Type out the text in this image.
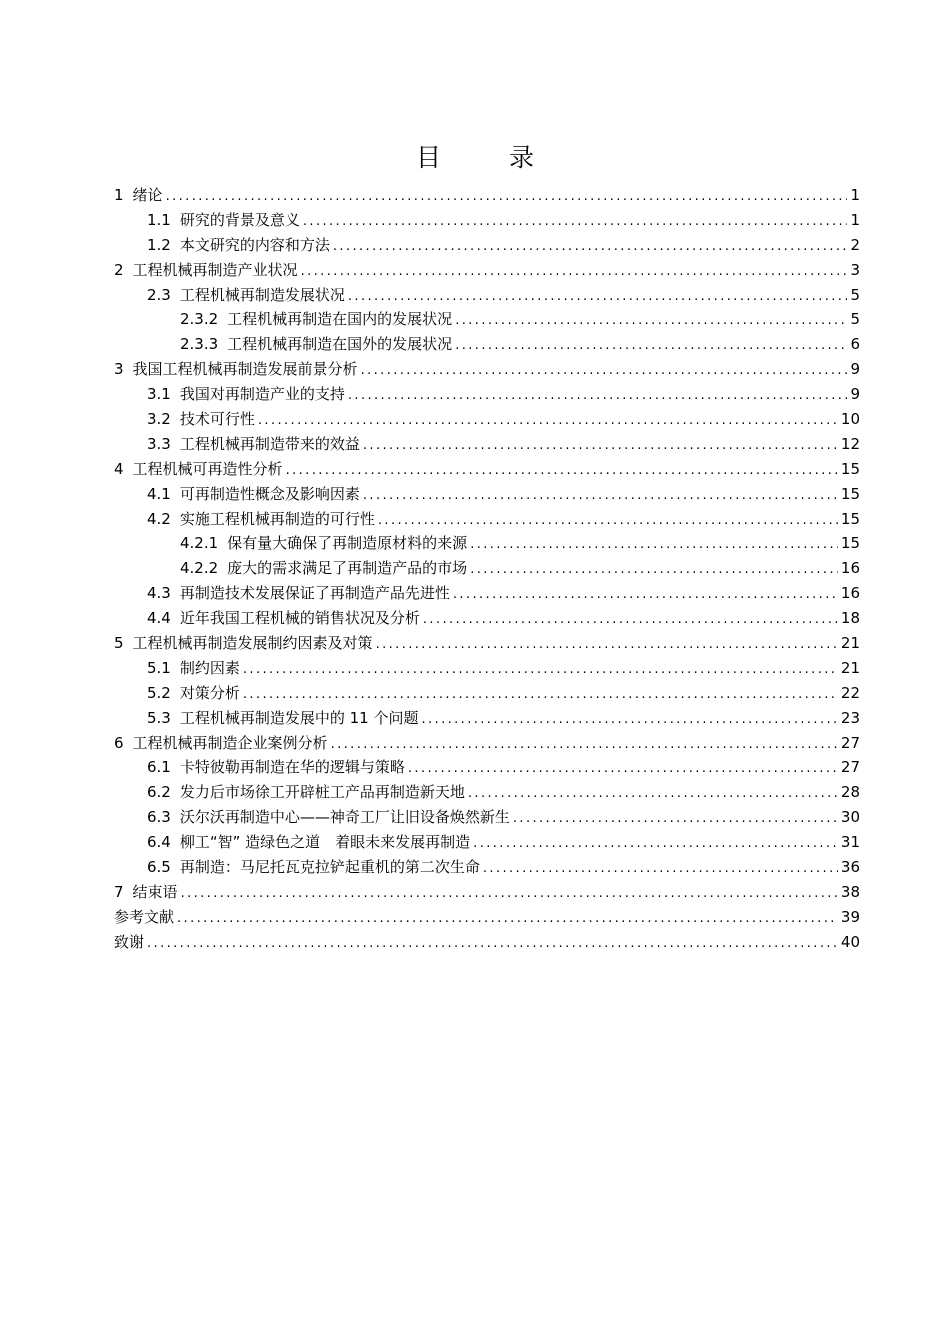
目 录
1 绪论 .....	1
1.1 研究的背景及意义 .....	1
1.2 本文研究的内容和方法 .....	2
2 工程机械再制造产业状况 .....	3
2.3 工程机械再制造发展状况 .....	5
2.3.2 工程机械再制造在国内的发展状况 .....	5
2.3.3 工程机械再制造在国外的发展状况 .....	6
3 我国工程机械再制造发展前景分析 .....	9
3.1 我国对再制造产业的支持 .....	9
3.2 技术可行性 .....	10
3.3 工程机械再制造带来的效益 .....	12
4 工程机械可再造性分析 .....	15
4.1 可再制造性概念及影响因素 .....	15
4.2 实施工程机械再制造的可行性 .....	15
4.2.1 保有量大确保了再制造原材料的来源 .....	15
4.2.2 庞大的需求满足了再制造产品的市场 .....	16
4.3 再制造技术发展保证了再制造产品先进性 .....	16
4.4 近年我国工程机械的销售状况及分析 .....	18
5 工程机械再制造发展制约因素及对策 .....	21
5.1 制约因素 .....	21
5.2 对策分析 .....	22
5.3 工程机械再制造发展中的 11 个问题 .....	23
6 工程机械再制造企业案例分析 .....	27
6.1 卡特彼勒再制造在华的逻辑与策略 .....	27
6.2 发力后市场徐工开辟桩工产品再制造新天地 .....	28
6.3 沃尔沃再制造中心——神奇工厂让旧设备焕然新生 .....	30
6.4 柳工“智” 造绿色之道　着眼未来发展再制造 .....	31
6.5 再制造：马尼托瓦克拉铲起重机的第二次生命 .....	36
7 结束语 .....	38
参考文献 .....	39
致谢 .....	40
